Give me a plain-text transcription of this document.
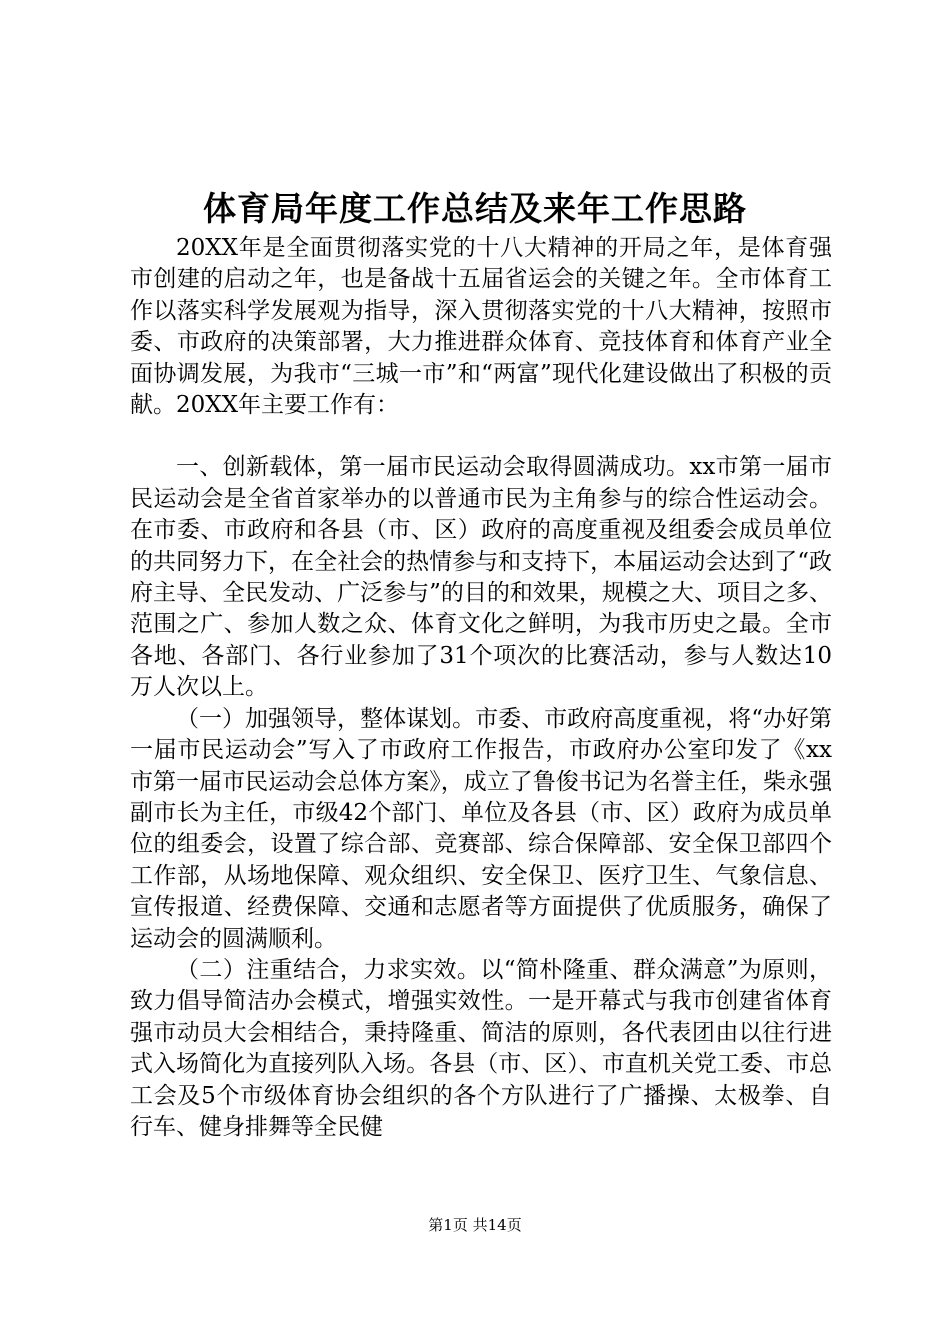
体育局年度工作总结及来年工作思路

20XX年是全面贯彻落实党的十八大精神的开局之年，是体育强市创建的启动之年，也是备战十五届省运会的关键之年。全市体育工作以落实科学发展观为指导，深入贯彻落实党的十八大精神，按照市委、市政府的决策部署，大力推进群众体育、竞技体育和体育产业全面协调发展，为我市“三城一市”和“两富”现代化建设做出了积极的贡献。20XX年主要工作有：

一、创新载体，第一届市民运动会取得圆满成功。xx市第一届市民运动会是全省首家举办的以普通市民为主角参与的综合性运动会。在市委、市政府和各县（市、区）政府的高度重视及组委会成员单位的共同努力下，在全社会的热情参与和支持下，本届运动会达到了“政府主导、全民发动、广泛参与”的目的和效果，规模之大、项目之多、范围之广、参加人数之众、体育文化之鲜明，为我市历史之最。全市各地、各部门、各行业参加了31个项次的比赛活动，参与人数达10万人次以上。

（一）加强领导，整体谋划。市委、市政府高度重视，将“办好第一届市民运动会”写入了市政府工作报告，市政府办公室印发了《xx市第一届市民运动会总体方案》，成立了鲁俊书记为名誉主任，柴永强副市长为主任，市级42个部门、单位及各县（市、区）政府为成员单位的组委会，设置了综合部、竞赛部、综合保障部、安全保卫部四个工作部，从场地保障、观众组织、安全保卫、医疗卫生、气象信息、宣传报道、经费保障、交通和志愿者等方面提供了优质服务，确保了运动会的圆满顺利。

（二）注重结合，力求实效。以“简朴隆重、群众满意”为原则，致力倡导简洁办会模式，增强实效性。一是开幕式与我市创建省体育强市动员大会相结合，秉持隆重、简洁的原则，各代表团由以往行进式入场简化为直接列队入场。各县（市、区）、市直机关党工委、市总工会及5个市级体育协会组织的各个方队进行了广播操、太极拳、自行车、健身排舞等全民健

第1页 共14页
